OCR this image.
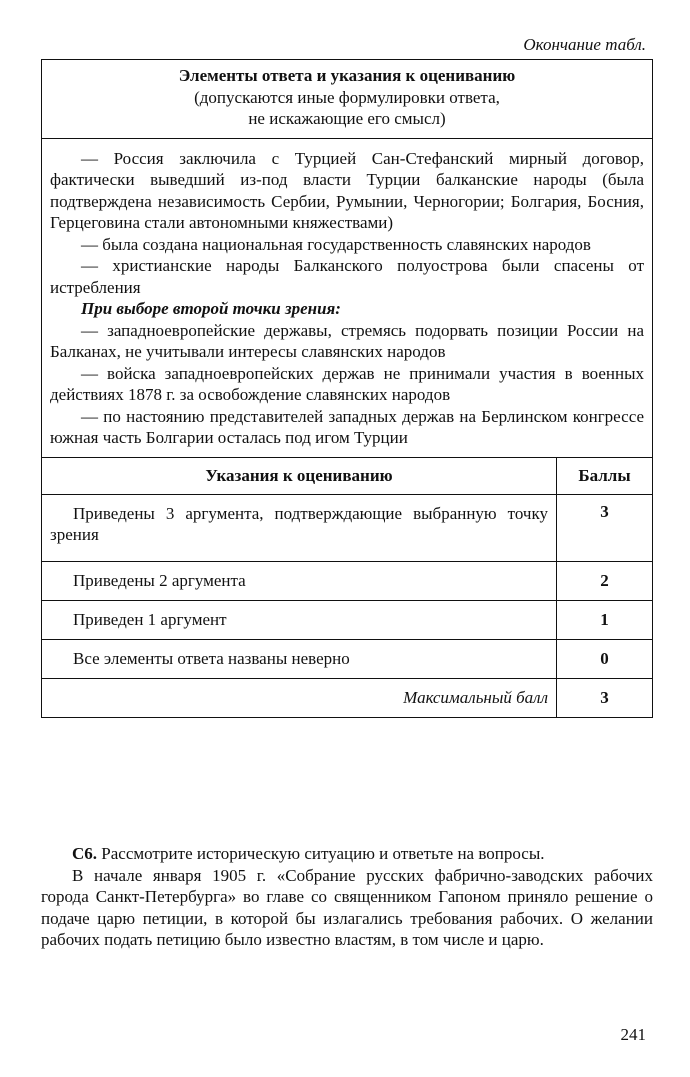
Окончание табл.
Элементы ответа и указания к оцениванию
(допускаются иные формулировки ответа,
не искажающие его смысл)

— Россия заключила с Турцией Сан-Стефанский мирный договор, фактически выведший из-под власти Турции балканские народы (была подтверждена независимость Сербии, Румынии, Черногории; Болгария, Босния, Герцеговина стали автономными княжествами)

— была создана национальная государственность славянских народов

— христианские народы Балканского полуострова были спасены от истребления

При выборе второй точки зрения:

— западноевропейские державы, стремясь подорвать позиции России на Балканах, не учитывали интересы славянских народов

— войска западноевропейских держав не принимали участия в военных действиях 1878 г. за освобождение славянских народов

— по настоянию представителей западных держав на Берлинском конгрессе южная часть Болгарии осталась под игом Турции

Указания к оцениванию	Баллы
Приведены 3 аргумента, подтверждающие выбранную точку зрения	3
Приведены 2 аргумента	2
Приведен 1 аргумент	1
Все элементы ответа названы неверно	0
Максимальный балл	3

С6. Рассмотрите историческую ситуацию и ответьте на вопросы.

В начале января 1905 г. «Собрание русских фабрично-заводских рабочих города Санкт-Петербурга» во главе со священником Гапоном приняло решение о подаче царю петиции, в которой бы излагались требования рабочих. О желании рабочих подать петицию было известно властям, в том числе и царю.

241
